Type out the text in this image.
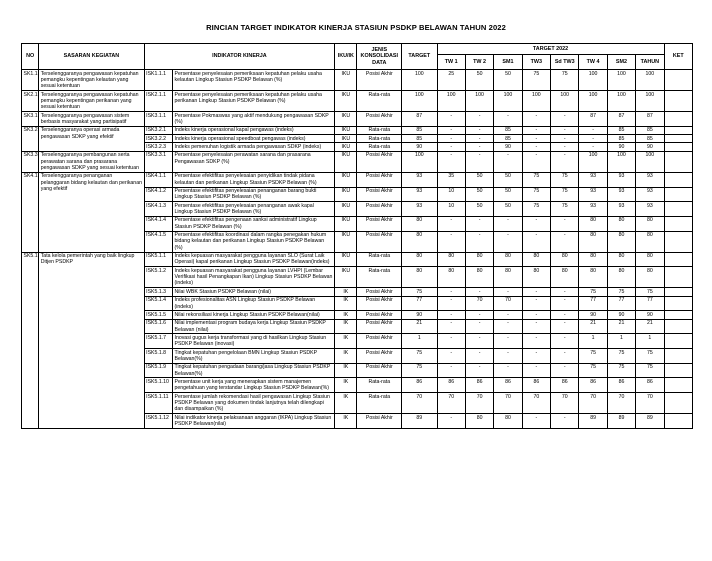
RINCIAN TARGET INDIKATOR KINERJA STASIUN PSDKP BELAWAN TAHUN 2022
NO	SASARAN KEGIATAN	INDIKATOR KINERJA		IKU/IK	JENIS KONSOLIDASI DATA	TARGET	TARGET 2022								KET
							TW 1	TW 2	SM1	TW3	Sd TW3	TW 4	SM2	TAHUN	
SK1.1	Terselenggaranya pengawasan kepatuhan pemangku kepentingan kelautan yang sesuai ketentuan	ISK1.1.1	Persentase penyelesaian pemeriksaan kepatuhan pelaku usaha kelautan Lingkup Stasiun PSDKP Belawan (%)	IKU	Posisi Akhir	100	25	50	50	75	75	100	100	100	
SK2.1	Terselenggaranya pengawasan kepatuhan pemangku kepentingan perikanan yang sesuai ketentuan	ISK2.1.1	Persentase penyelesaian pemeriksaan kepatuhan pelaku usaha perikanan Lingkup Stasiun PSDKP Belawan (%)	IKU	Rata-rata	100	100	100	100	100	100	100	100	100	
SK3.1	Terselenggaranya pengawasan sistem berbasis masyarakat yang partisipatif	ISK3.1.1	Persentase Pokmaswas yang aktif mendukung pengawasan SDKP (%)	IKU	Posisi Akhir	87	-	-	-	-	-	87	87	87	
SK3.2	Terselenggaranya operasi armada pengawasan SDKP yang efektif	ISK3.2.1	Indeks kinerja operasional kapal pengawas (indeks)	IKU	Rata-rata	85	-	-	85	-	-	-	85	85	
		ISK3.2.2	Indeks kinerja operasional speedboat pengawas (indeks)	IKU	Rata-rata	85	-	-	85	-	-	-	85	85	
		ISK3.2.3	Indeks pemenuhan logistik armada pengawasan SDKP (indeks)	IKU	Rata-rata	90	-	-	90	-	-	-	90	90	
SK3.3	Terselenggaranya pembangunan serta perawatan sarana dan prasarana pengawasan SDKP yang sesuai ketentuan	ISK3.3.1	Persentase penyelesaian perawatan sarana dan prasarana Pengawasan SDKP (%)	IKU	Posisi Akhir	100	-	-	-	-	-	100	100	100	
SK4.1	Terselenggaranya penanganan pelanggaran bidang kelautan dan perikanan yang efektif	ISK4.1.1	Persentase efektifitas penyelesaian penyidikan tindak pidana kelautan dan perikanan Lingkup Stasiun PSDKP Belawan (%)	IKU	Posisi Akhir	93	35	50	50	75	75	93	93	93	
		ISK4.1.2	Persentase efektifitas penyelesaian penanganan barang bukti Lingkup Stasiun PSDKP Belawan (%)	IKU	Posisi Akhir	93	10	50	50	75	75	93	93	93	
		ISK4.1.3	Persentase efektifitas penyelesaian penanganan awak kapal Lingkup Stasiun PSDKP Belawan (%)	IKU	Posisi Akhir	93	10	50	50	75	75	93	93	93	
		ISK4.1.4	Persentase efektifitas pengenaan sanksi administratif Lingkup Stasiun PSDKP Belawan (%)	IKU	Posisi Akhir	80	-	-	-	-	-	80	80	80	
		ISK4.1.5	Persentase efektifitas koordinasi dalam rangka penegakan hukum bidang kelautan dan perikanan Lingkup Stasiun PSDKP Belawan (%)	IKU	Posisi Akhir	80	-	-	-	-	-	80	80	80	
SK5.1	Tata kelola pemerintah yang baik lingkup Ditjen PSDKP	ISK5.1.1	Indeks kepuasan masyarakat pengguna layanan SLO (Surat Laik Operasi) kapal perikanan Lingkup Stasiun PSDKP Belawan(indeks)	IKU	Rata-rata	80	80	80	80	80	80	80	80	80	
		ISK5.1.2	Indeks kepuasan masyarakat pengguna layanan LVHPI (Lembar Verifikasi hasil Penangkapan Ikan) Lingkup Stasiun PSDKP Belawan (indeks)	IKU	Rata-rata	80	80	80	80	80	80	80	80	80	
		ISK5.1.3	Nilai WBK Stasiun PSDKP Belawan (nilai)	IK	Posisi Akhir	75	-	-	-	-	-	75	75	75	
		ISK5.1.4	Indeks profesionalitas ASN Lingkup Stasiun PSDKP Belawan (indeks)	IK	Posisi Akhir	77	-	70	70	-	-	77	77	77	
		ISK5.1.5	Nilai rekonsiliasi kinerja Lingkup Stasiun PSDKP Belawan(nilai)	IK	Posisi Akhir	90	-	-	-	-	-	90	90	90	
		ISK5.1.6	Nilai implementasi program budaya kerja Lingkup Stasiun PSDKP Belawan (nilai)	IK	Posisi Akhir	21	-	-	-	-	-	21	21	21	
		ISK5.1.7	Inovasi gugus kerja transformasi yang di hasilkan Lingkup Stasiun PSDKP Belawan (inovasi)	IK	Posisi Akhir	1	-	-	-	-	-	1	1	1	
		ISK5.1.8	Tingkat kepatuhan pengelolaan BMN Lingkup Stasiun PSDKP Belawan(%)	IK	Posisi Akhir	75	-	-	-	-	-	75	75	75	
		ISK5.1.9	Tingkat kepatuhan pengadaan barang/jasa Lingkup Stasiun PSDKP Belawan(%)	IK	Posisi Akhir	75	-	-	-	-	-	75	75	75	
		ISK5.1.10	Persentase unit kerja yang menerapkan sistem manajemen pengetahuan yang terstandar Lingkup Stasiun PSDKP Belawan(%)	IK	Rata-rata	86	86	86	86	86	86	86	86	86	
		ISK5.1.11	Persentase jumlah rekomendasi hasil pengawasan Lingkup Stasiun PSDKP Belawan yang dokumen tindak lanjutnya telah dilengkapi dan disampaikan (%)	IK	Rata-rata	70	70	70	70	70	70	70	70	70	
		ISK5.1.12	Nilai indikator kinerja pelaksanaan anggaran (IKPA) Lingkup Stasiun PSDKP Belawan(nilai)	IK	Posisi Akhir	89	-	80	80	-	-	89	89	89	
